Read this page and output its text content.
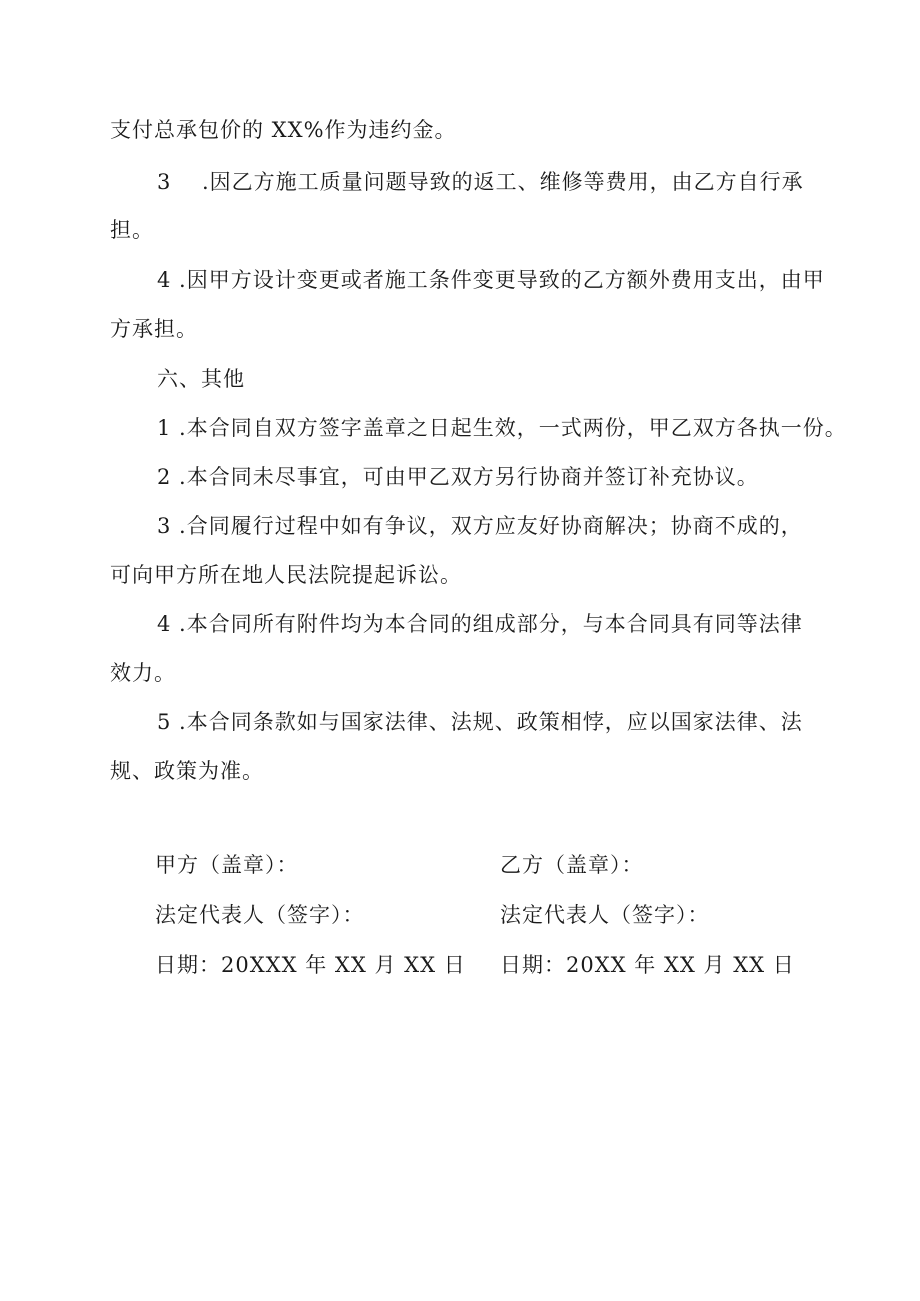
支付总承包价的 XX%作为违约金。
3 .因乙方施工质量问题导致的返工、维修等费用，由乙方自行承
担。
4 .因甲方设计变更或者施工条件变更导致的乙方额外费用支出，由甲
方承担。
六、其他
1 .本合同自双方签字盖章之日起生效，一式两份，甲乙双方各执一份。
2 .本合同未尽事宜，可由甲乙双方另行协商并签订补充协议。
3 .合同履行过程中如有争议，双方应友好协商解决；协商不成的，
可向甲方所在地人民法院提起诉讼。
4 .本合同所有附件均为本合同的组成部分，与本合同具有同等法律
效力。
5 .本合同条款如与国家法律、法规、政策相悖，应以国家法律、法
规、政策为准。
甲方（盖章）：
法定代表人（签字）：
日期：20XXX 年 XX 月 XX 日
乙方（盖章）：
法定代表人（签字）：
日期：20XX 年 XX 月 XX 日
